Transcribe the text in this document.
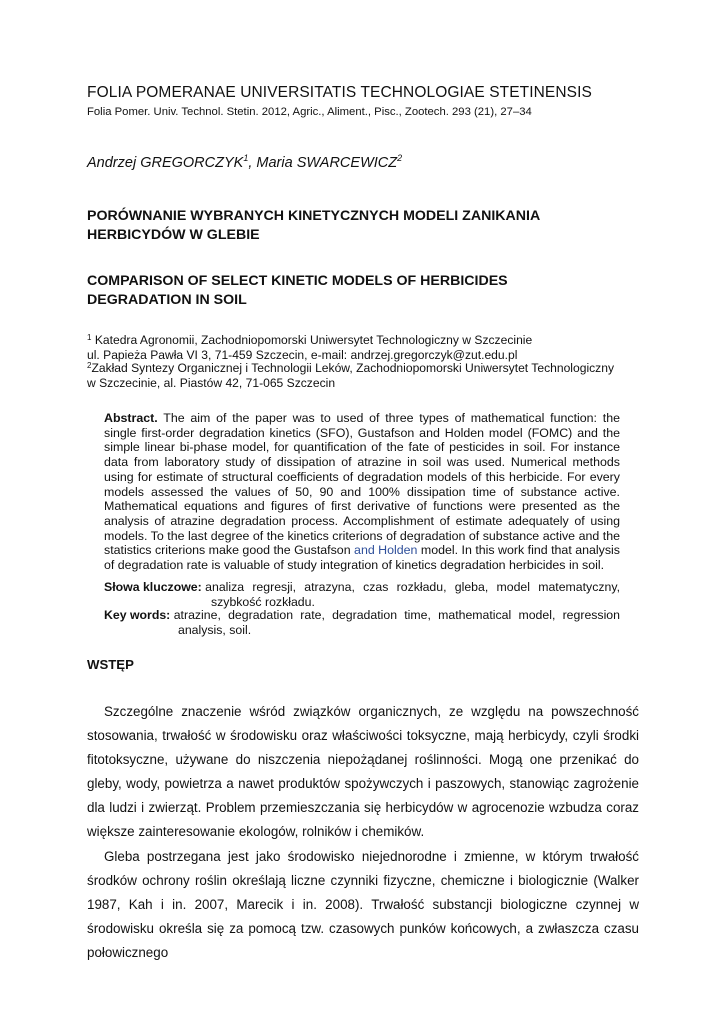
FOLIA POMERANAE UNIVERSITATIS TECHNOLOGIAE STETINENSIS
Folia Pomer. Univ. Technol. Stetin. 2012, Agric., Aliment., Pisc., Zootech. 293 (21), 27–34
Andrzej GREGORCZYK$^1$, Maria SWARCEWICZ$^2$
PORÓWNANIE WYBRANYCH KINETYCZNYCH MODELI ZANIKANIA
HERBICYDÓW W GLEBIE
COMPARISON OF SELECT KINETIC MODELS OF HERBICIDES
DEGRADATION IN SOIL
$^1$ Katedra Agronomii, Zachodniopomorski Uniwersytet Technologiczny w Szczecinie
ul. Papieża Pawła VI 3, 71-459 Szczecin, e-mail: andrzej.gregorczyk@zut.edu.pl
$^2$Zakład Syntezy Organicznej i Technologii Leków, Zachodniopomorski Uniwersytet Technologiczny
w Szczecinie, al. Piastów 42, 71-065 Szczecin
Abstract. The aim of the paper was to used of three types of mathematical function: the single first-order degradation kinetics (SFO), Gustafson and Holden model (FOMC) and the simple linear bi-phase model, for quantification of the fate of pesticides in soil. For instance data from laboratory study of dissipation of atrazine in soil was used. Numerical methods using for estimate of structural coefficients of degradation models of this herbicide. For every models assessed the values of 50, 90 and 100% dissipation time of substance active. Mathematical equations and figures of first derivative of functions were presented as the analysis of atrazine degradation process. Accomplishment of estimate adequately of using models. To the last degree of the kinetics criterions of degradation of substance active and the statistics criterions make good the Gustafson and Holden model. In this work find that analysis of degradation rate is valuable of study integration of kinetics degradation herbicides in soil.
Słowa kluczowe:
analiza regresji, atrazyna, czas rozkładu, gleba, model matematyczny,
szybkość rozkładu.
Key words:
atrazine, degradation rate, degradation time, mathematical model, regression
analysis, soil.
WSTĘP

Szczególne znaczenie wśród związków organicznych, ze względu na powszechność stosowania, trwałość w środowisku oraz właściwości toksyczne, mają herbicydy, czyli środki fitotoksyczne, używane do niszczenia niepożądanej roślinności. Mogą one przenikać do gleby, wody, powietrza a nawet produktów spożywczych i paszowych, stanowiąc zagrożenie dla ludzi i zwierząt. Problem przemieszczania się herbicydów w agrocenozie wzbudza coraz większe zainteresowanie ekologów, rolników i chemików.

Gleba postrzegana jest jako środowisko niejednorodne i zmienne, w którym trwałość środków ochrony roślin określają liczne czynniki fizyczne, chemiczne i biologicznie (Walker 1987, Kah i in. 2007, Marecik i in. 2008). Trwałość substancji biologiczne czynnej w środowisku określa się za pomocą tzw. czasowych punków końcowych, a zwłaszcza czasu połowicznego
